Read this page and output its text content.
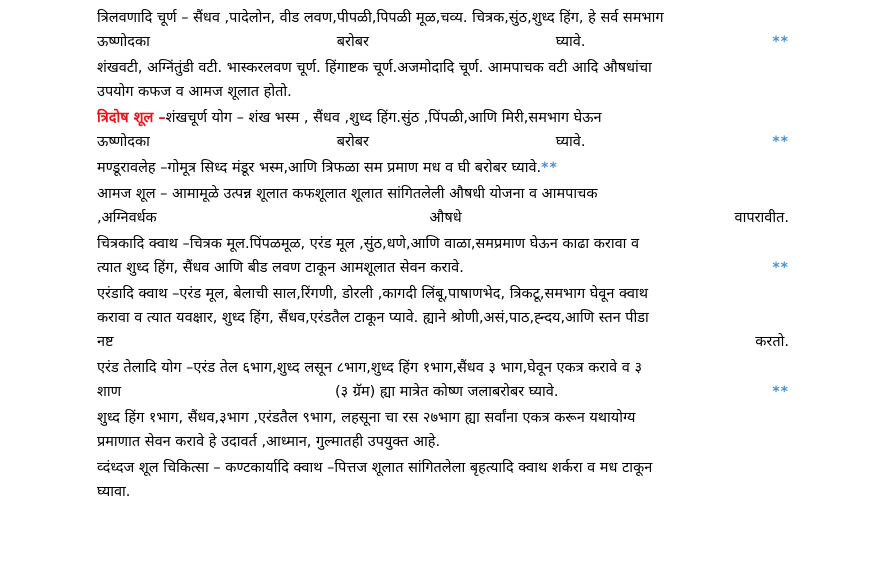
त्रिलवणादि चूर्ण – सैंधव ,पादेलोन, वीड लवण,पीपळी,पिपळी मूळ,चव्य. चित्रक,सुंठ,शुध्द हिंग, हे सर्व समभाग
ऊष्णोदका	बरोबर	घ्यावे.	**
शंखवटी, अग्निंतुंडी वटी. भास्करलवण चूर्ण. हिंगाष्टक चूर्ण.अजमोदादि चूर्ण. आमपाचक वटी आदि औषधांचा
उपयोग कफज व आमज शूलात होतो.
त्रिदोष शूल –शंखचूर्ण योग – शंख भस्म , सैंधव ,शुध्द हिंग.सुंठ ,पिंपळी,आणि मिरी,समभाग घेऊन
ऊष्णोदका	बरोबर	घ्यावे.	**
मण्डूरावलेह –गोमूत्र सिध्द मंडूर भस्म,आणि त्रिफळा सम प्रमाण मध व घी बरोबर घ्यावे.**
आमज शूल – आमामूळे उत्पन्न शूलात कफशूलात शूलात सांगितलेली औषधी योजना व आमपाचक
,अग्निवर्धक	औषधे	वापरावीत.
चित्रकादि क्वाथ –चित्रक मूल.पिंपळमूळ, एरंड मूल ,सुंठ,धणे,आणि वाळा,समप्रमाण घेऊन काढा करावा व
त्यात शुध्द हिंग, सैंधव आणि बीड लवण टाकून आमशूलात सेवन करावे.	**
एरंडादि क्वाथ –एरंड मूल, बेलाची साल,रिंगणी, डोरली ,कागदी लिंबू,पाषाणभेद, त्रिकटू,समभाग घेवून क्वाथ
करावा व त्यात यवक्षार, शुध्द हिंग, सैंधव,एरंडतैल टाकून प्यावे. ह्याने श्रोणी,असं,पाठ,ह्न्दय,आणि स्तन पीडा
नष्ट	करतो.
एरंड तेलादि योग –एरंड तेल ६भाग,शुध्द लसून ८भाग,शुध्द हिंग १भाग,सैंधव ३ भाग,घेवून एकत्र करावे व ३
शाण	(३ ग्रॅम) ह्या मात्रेत कोष्ण जलाबरोबर घ्यावे.	**
शुध्द हिंग १भाग, सैंधव,३भाग ,एरंडतैल ९भाग, लहसूना चा रस २७भाग ह्या सर्वांना एकत्र करून यथायोग्य
प्रमाणात सेवन करावे हे उदावर्त ,आध्मान, गुल्मातही उपयुक्त आहे.
व्दंध्दज शूल चिकित्सा – कण्टकार्यादि क्वाथ –पित्तज शूलात सांगितलेला बृहत्यादि क्वाथ शर्करा व मध टाकून
घ्यावा.
